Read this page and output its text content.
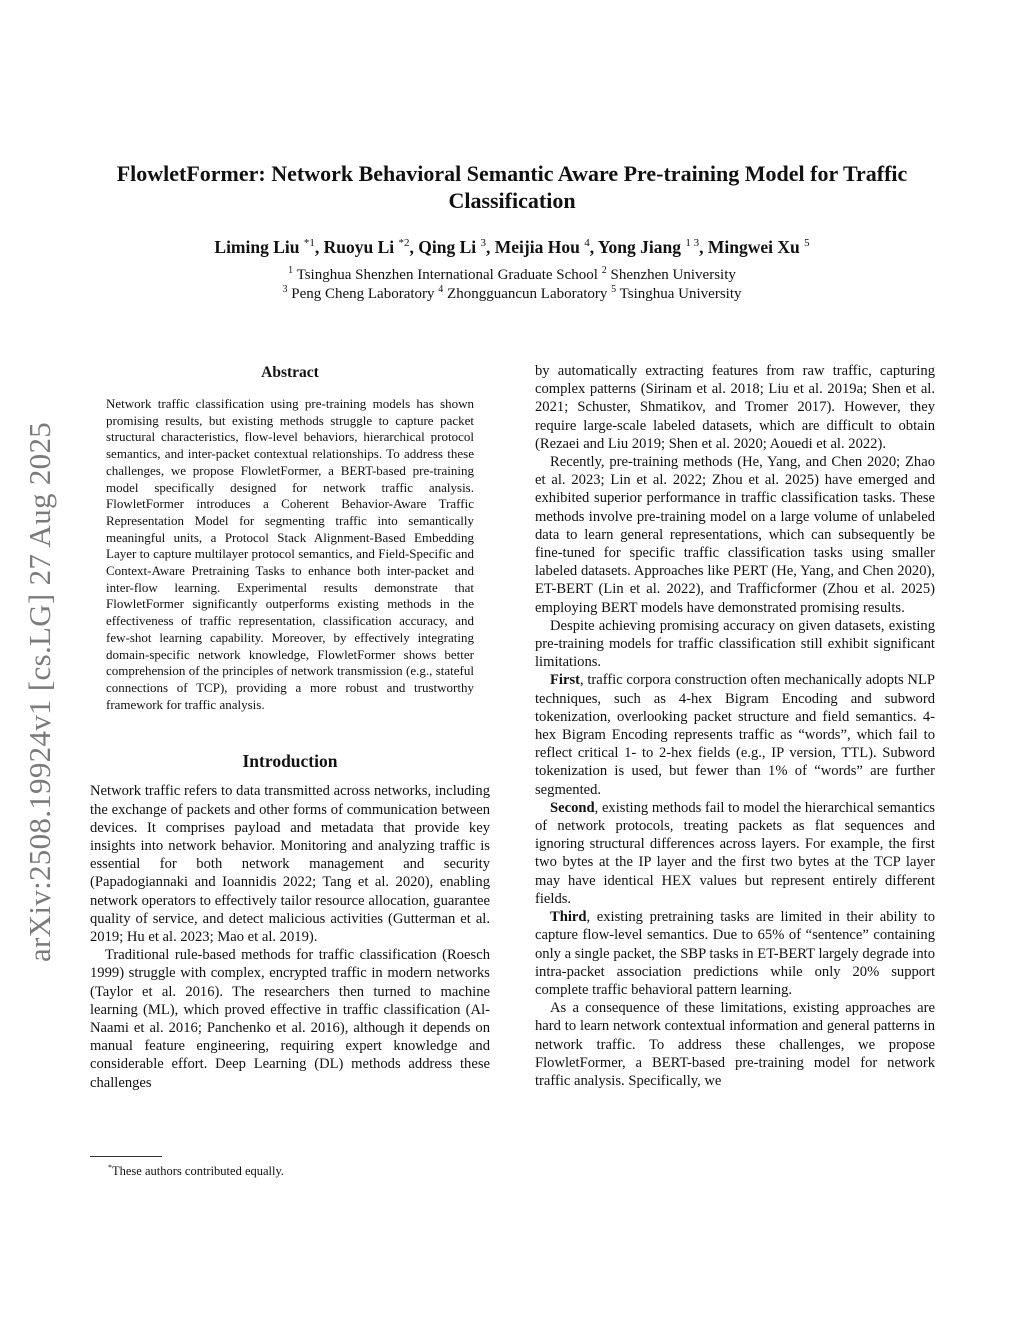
FlowletFormer: Network Behavioral Semantic Aware Pre-training Model for Traffic Classification
Liming Liu $^{*1}$, Ruoyu Li $^{*2}$, Qing Li $^3$, Meijia Hou $^4$, Yong Jiang $^{1 3}$, Mingwei Xu $^5$
$^1$ Tsinghua Shenzhen International Graduate School $^2$ Shenzhen University
$^3$ Peng Cheng Laboratory $^4$ Zhongguancun Laboratory $^5$ Tsinghua University
arXiv:2508.19924v1 [cs.LG] 27 Aug 2025
Abstract

Network traffic classification using pre-training models has shown promising results, but existing methods struggle to capture packet structural characteristics, flow-level behaviors, hierarchical protocol semantics, and inter-packet contextual relationships. To address these challenges, we propose FlowletFormer, a BERT-based pre-training model specifically designed for network traffic analysis. FlowletFormer introduces a Coherent Behavior-Aware Traffic Representation Model for segmenting traffic into semantically meaningful units, a Protocol Stack Alignment-Based Embedding Layer to capture multilayer protocol semantics, and Field-Specific and Context-Aware Pretraining Tasks to enhance both inter-packet and inter-flow learning. Experimental results demonstrate that FlowletFormer significantly outperforms existing methods in the effectiveness of traffic representation, classification accuracy, and few-shot learning capability. Moreover, by effectively integrating domain-specific network knowledge, FlowletFormer shows better comprehension of the principles of network transmission (e.g., stateful connections of TCP), providing a more robust and trustworthy framework for traffic analysis.

Introduction

Network traffic refers to data transmitted across networks, including the exchange of packets and other forms of communication between devices. It comprises payload and metadata that provide key insights into network behavior. Monitoring and analyzing traffic is essential for both network management and security (Papadogiannaki and Ioannidis 2022; Tang et al. 2020), enabling network operators to effectively tailor resource allocation, guarantee quality of service, and detect malicious activities (Gutterman et al. 2019; Hu et al. 2023; Mao et al. 2019).

Traditional rule-based methods for traffic classification (Roesch 1999) struggle with complex, encrypted traffic in modern networks (Taylor et al. 2016). The researchers then turned to machine learning (ML), which proved effective in traffic classification (Al-Naami et al. 2016; Panchenko et al. 2016), although it depends on manual feature engineering, requiring expert knowledge and considerable effort. Deep Learning (DL) methods address these challenges

*These authors contributed equally.

by automatically extracting features from raw traffic, capturing complex patterns (Sirinam et al. 2018; Liu et al. 2019a; Shen et al. 2021; Schuster, Shmatikov, and Tromer 2017). However, they require large-scale labeled datasets, which are difficult to obtain (Rezaei and Liu 2019; Shen et al. 2020; Aouedi et al. 2022).

Recently, pre-training methods (He, Yang, and Chen 2020; Zhao et al. 2023; Lin et al. 2022; Zhou et al. 2025) have emerged and exhibited superior performance in traffic classification tasks. These methods involve pre-training model on a large volume of unlabeled data to learn general representations, which can subsequently be fine-tuned for specific traffic classification tasks using smaller labeled datasets. Approaches like PERT (He, Yang, and Chen 2020), ET-BERT (Lin et al. 2022), and Trafficformer (Zhou et al. 2025) employing BERT models have demonstrated promising results.

Despite achieving promising accuracy on given datasets, existing pre-training models for traffic classification still exhibit significant limitations.

First, traffic corpora construction often mechanically adopts NLP techniques, such as 4-hex Bigram Encoding and subword tokenization, overlooking packet structure and field semantics. 4-hex Bigram Encoding represents traffic as “words”, which fail to reflect critical 1- to 2-hex fields (e.g., IP version, TTL). Subword tokenization is used, but fewer than 1% of “words” are further segmented.

Second, existing methods fail to model the hierarchical semantics of network protocols, treating packets as flat sequences and ignoring structural differences across layers. For example, the first two bytes at the IP layer and the first two bytes at the TCP layer may have identical HEX values but represent entirely different fields.

Third, existing pretraining tasks are limited in their ability to capture flow-level semantics. Due to 65% of “sentence” containing only a single packet, the SBP tasks in ET-BERT largely degrade into intra-packet association predictions while only 20% support complete traffic behavioral pattern learning.

As a consequence of these limitations, existing approaches are hard to learn network contextual information and general patterns in network traffic. To address these challenges, we propose FlowletFormer, a BERT-based pre-training model for network traffic analysis. Specifically, we
